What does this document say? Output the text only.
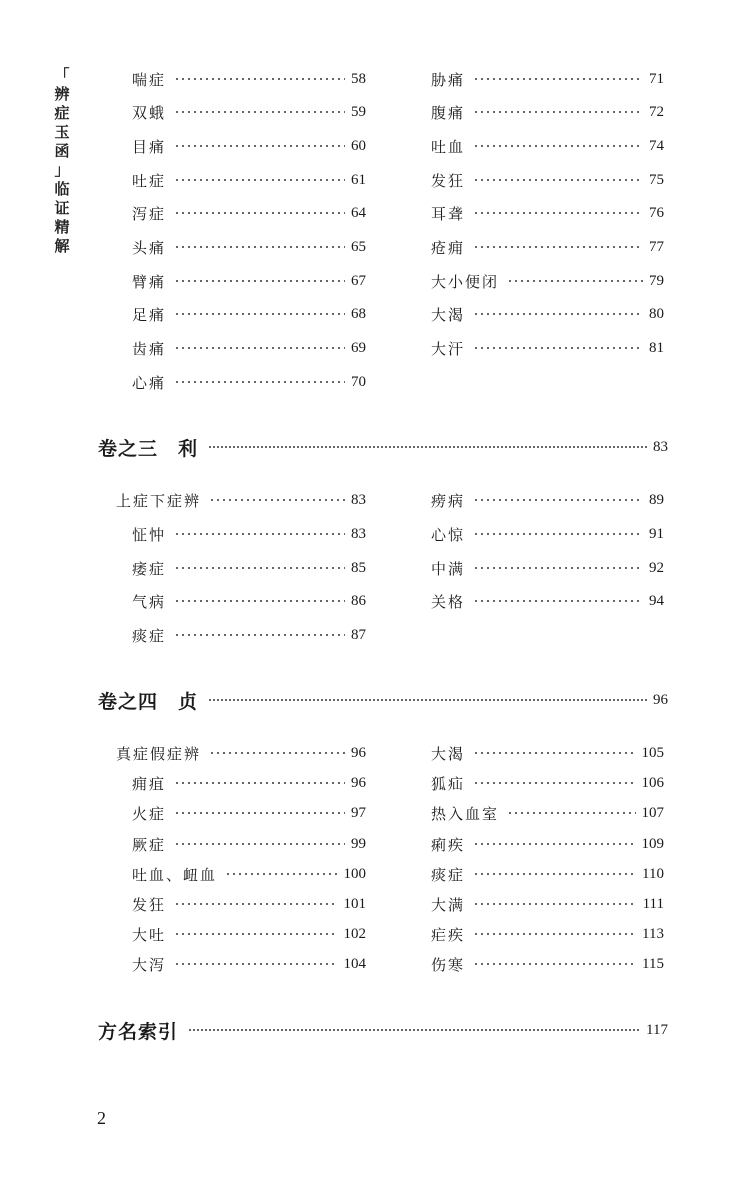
「
辨
症
玉
函
」
临
证
精
解
喘症	58
双蛾	59
目痛	60
吐症	61
泻症	64
头痛	65
臂痛	67
足痛	68
齿痛	69
心痛	70
胁痛	71
腹痛	72
吐血	74
发狂	75
耳聋	76
疮痈	77
大小便闭	79
大渴	80
大汗	81
卷之三　利	83
上症下症辨	83
怔忡	83
痿症	85
气病	86
痰症	87
痨病	89
心惊	91
中满	92
关格	94
卷之四　贞	96
真症假症辨	96
痈疽	96
火症	97
厥症	99
吐血、衄血	100
发狂	101
大吐	102
大泻	104
大渴	105
狐疝	106
热入血室	107
痢疾	109
痰症	110
大满	111
疟疾	113
伤寒	115
方名索引	117
2
